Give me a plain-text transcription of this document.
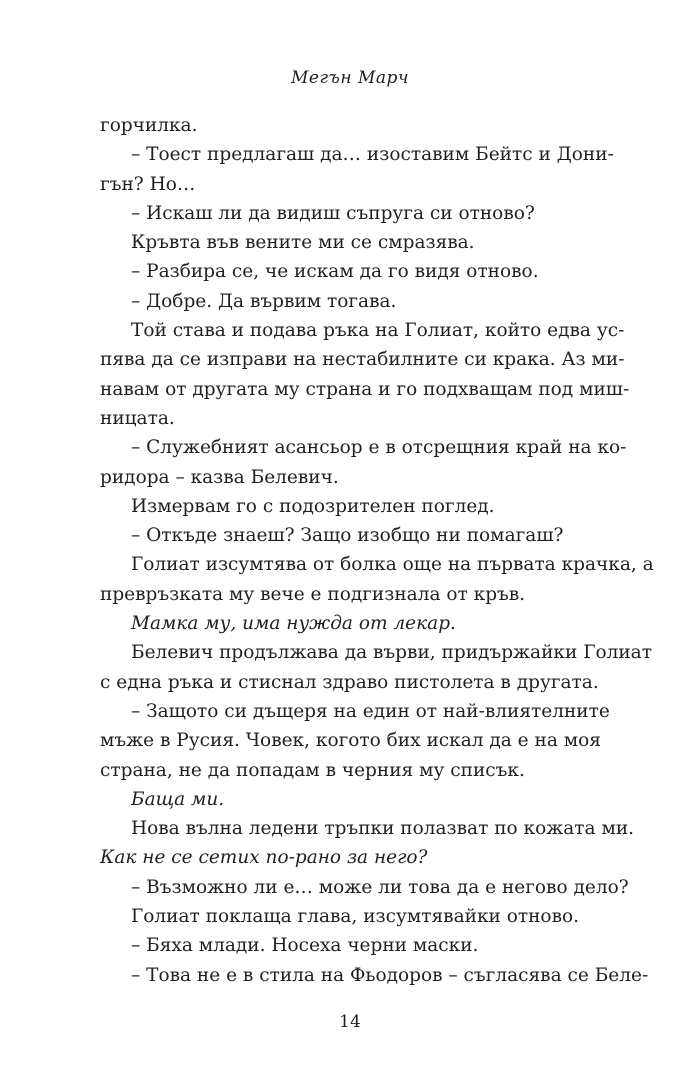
Мегън Марч
горчилка.
– Тоест предлагаш да… изоставим Бейтс и Дони-
гън? Но…
– Искаш ли да видиш съпруга си отново?
Кръвта във вените ми се смразява.
– Разбира се, че искам да го видя отново.
– Добре. Да вървим тогава.
Той става и подава ръка на Голиат, който едва ус-
пява да се изправи на нестабилните си крака. Аз ми-
навам от другата му страна и го подхващам под миш-
ницата.
– Служебният асансьор е в отсрещния край на ко-
ридора – казва Белевич.
Измервам го с подозрителен поглед.
– Откъде знаеш? Защо изобщо ни помагаш?
Голиат изсумтява от болка още на първата крачка, а
превръзката му вече е подгизнала от кръв.
Мамка му, има нужда от лекар.
Белевич продължава да върви, придържайки Голиат
с една ръка и стиснал здраво пистолета в другата.
– Защото си дъщеря на един от най-влиятелните
мъже в Русия. Човек, когото бих искал да е на моя
страна, не да попадам в черния му списък.
Баща ми.
Нова вълна ледени тръпки полазват по кожата ми.
Как не се сетих по-рано за него?
– Възможно ли е… може ли това да е негово дело?
Голиат поклаща глава, изсумтявайки отново.
– Бяха млади. Носеха черни маски.
– Това не е в стила на Фьодоров – съгласява се Беле-
14
